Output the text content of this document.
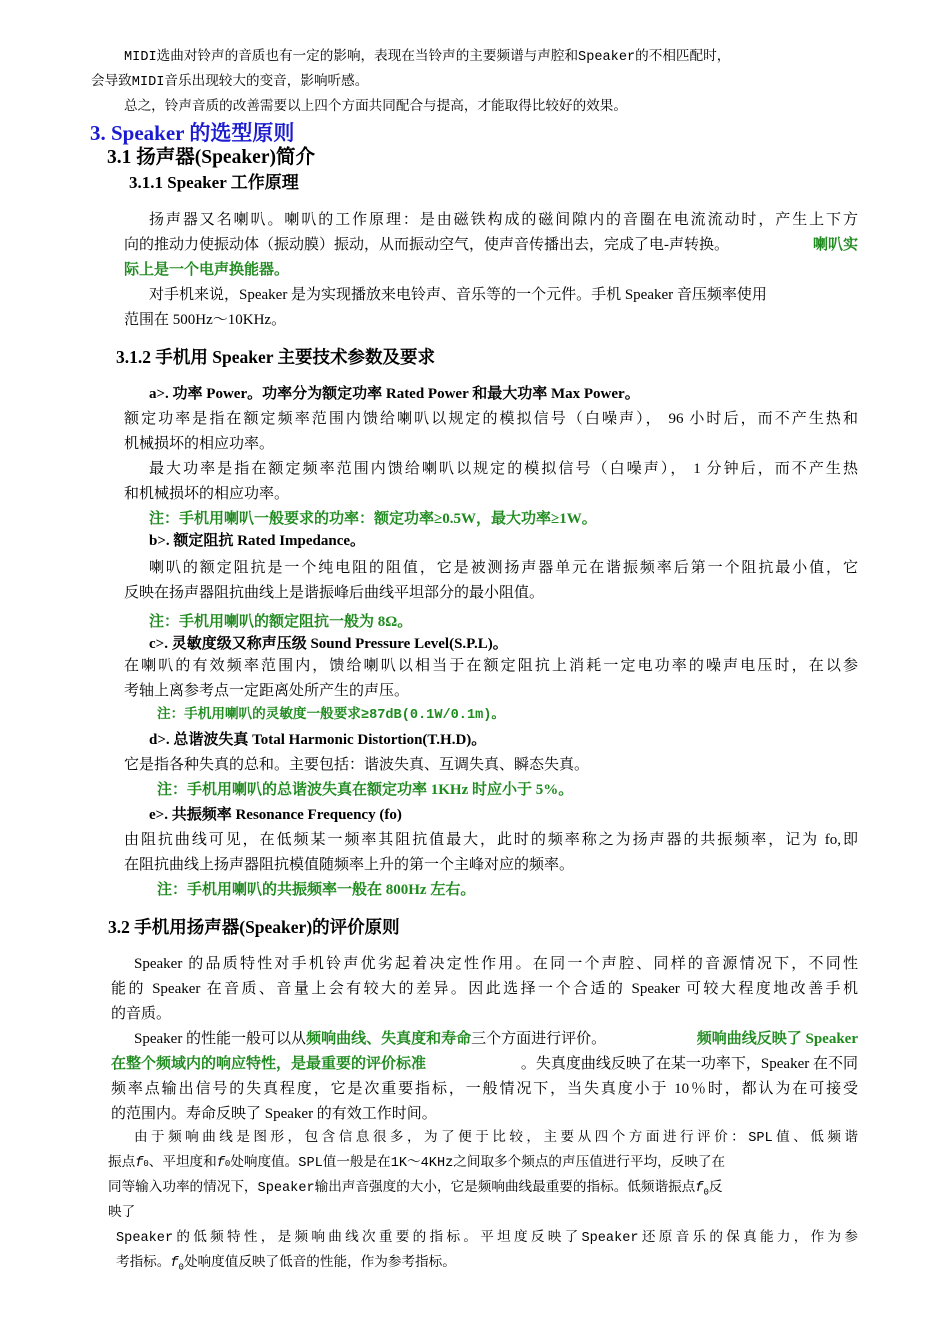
MIDI选曲对铃声的音质也有一定的影响，表现在当铃声的主要频谱与声腔和Speaker的不相匹配时，
会导致MIDI音乐出现较大的变音，影响听感。
总之，铃声音质的改善需要以上四个方面共同配合与提高，才能取得比较好的效果。
3. Speaker 的选型原则
3.1 扬声器(Speaker)简介
3.1.1 Speaker 工作原理
扬声器又名喇叭。喇叭的工作原理：是由磁铁构成的磁间隙内的音圈在电流流动时，产生上下方
向的推动力使振动体（振动膜）振动，从而振动空气，使声音传播出去，完成了电-声转换。	喇叭实
际上是一个电声换能器。
对手机来说，Speaker 是为实现播放来电铃声、音乐等的一个元件。手机 Speaker 音压频率使用
范围在 500Hz～10KHz。
3.1.2 手机用 Speaker 主要技术参数及要求
a>. 功率 Power。功率分为额定功率 Rated Power 和最大功率 Max Power。
额定功率是指在额定频率范围内馈给喇叭以规定的模拟信号（白噪声）， 96 小时后，而不产生热和
机械损坏的相应功率。
最大功率是指在额定频率范围内馈给喇叭以规定的模拟信号（白噪声）， 1 分钟后，而不产生热
和机械损坏的相应功率。
注：手机用喇叭一般要求的功率：额定功率≥0.5W，最大功率≥1W。
b>. 额定阻抗 Rated Impedance。
喇叭的额定阻抗是一个纯电阻的阻值，它是被测扬声器单元在谐振频率后第一个阻抗最小值，它
反映在扬声器阻抗曲线上是谐振峰后曲线平坦部分的最小阻值。
注：手机用喇叭的额定阻抗一般为 8Ω。
c>. 灵敏度级又称声压级 Sound Pressure Level(S.P.L)。
在喇叭的有效频率范围内，馈给喇叭以相当于在额定阻抗上消耗一定电功率的噪声电压时，在以参
考轴上离参考点一定距离处所产生的声压。
注：手机用喇叭的灵敏度一般要求≥87dB(0.1W/0.1m)。
d>. 总谐波失真 Total Harmonic Distortion(T.H.D)。
它是指各种失真的总和。主要包括：谐波失真、互调失真、瞬态失真。
注：手机用喇叭的总谐波失真在额定功率 1KHz 时应小于 5%。
e>. 共振频率 Resonance Frequency (fo)
由阻抗曲线可见，在低频某一频率其阻抗值最大，此时的频率称之为扬声器的共振频率，记为 fo,即
在阻抗曲线上扬声器阻抗模值随频率上升的第一个主峰对应的频率。
注：手机用喇叭的共振频率一般在 800Hz 左右。
3.2 手机用扬声器(Speaker)的评价原则
Speaker 的品质特性对手机铃声优劣起着决定性作用。在同一个声腔、同样的音源情况下，不同性
能的 Speaker 在音质、音量上会有较大的差异。因此选择一个合适的 Speaker 可较大程度地改善手机
的音质。
Speaker 的性能一般可以从频响曲线、失真度和寿命三个方面进行评价。	频响曲线反映了 Speaker
在整个频域内的响应特性，是最重要的评价标准	。失真度曲线反映了在某一功率下，Speaker 在不同
频率点输出信号的失真程度，它是次重要指标，一般情况下，当失真度小于 10％时，都认为在可接受
的范围内。寿命反映了 Speaker 的有效工作时间。
由于频响曲线是图形，包含信息很多，为了便于比较，主要从四个方面进行评价：SPL值、低频谐
振点 f 0 、平坦度和 f 0 处响度值。SPL值一般是在1K～4KHz之间取多个频点的声压值进行平均，反映了在
同等输入功率的情况下，Speaker输出声音强度的大小，它是频响曲线最重要的指标。低频谐振点$f_0$反
映了
Speaker的低频特性，是频响曲线次重要的指标。平坦度反映了Speaker还原音乐的保真能力，作为参
考指标。$f_0$处响度值反映了低音的性能，作为参考指标。
